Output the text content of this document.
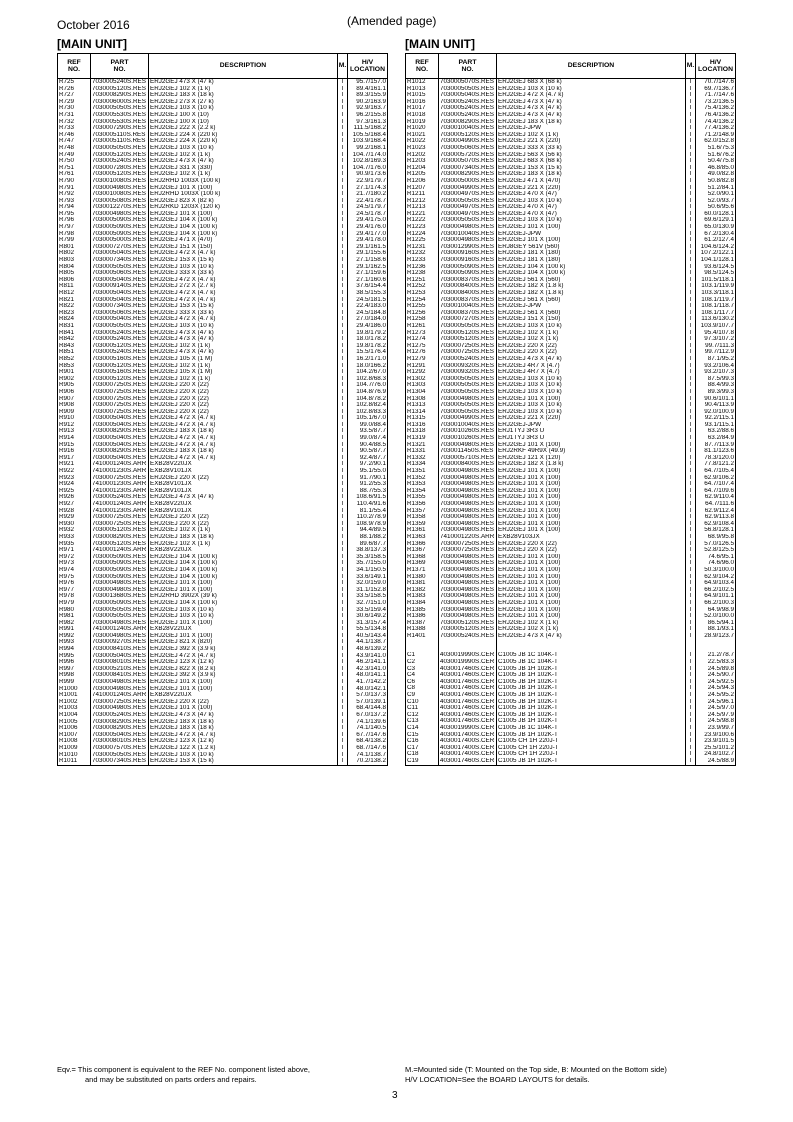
October 2016	(Amended page)
[MAIN UNIT]	[MAIN UNIT]
REF
NO.	PART
NO.	DESCRIPTION	M.	H/V
LOCATION
R725	7030005240S.RES	ERJ2GEJ 473 X (47 k)	T	95.7/157.0
R726	7030005120S.RES	ERJ2GEJ 102 X (1 k)	T	89.4/161.1
R727	7030008290S.RES	ERJ2GEJ 183 X (18 k)	T	89.3/155.9
R729	7030006000S.RES	ERJ2GEJ 273 X (27 k)	T	90.2/163.9
R730	7030005050S.RES	ERJ2GEJ 103 X (10 k)	T	92.9/163.7
R731	7030005530S.RES	ERJ2GEJ 100 X (10)	T	96.2/155.8
R732	7030005530S.RES	ERJ2GEJ 100 X (10)	T	97.3/161.3
R733	7030007290S.RES	ERJ2GEJ 222 X (2.2 k)	T	111.5/168.2
R746	7030005110S.RES	ERJ2GEJ 224 X (220 k)	T	105.5/168.4
R747	7030005110S.RES	ERJ2GEJ 224 X (220 k)	T	103.9/168.4
R748	7030005050S.RES	ERJ2GEJ 103 X (10 k)	T	99.2/168.1
R749	7030005120S.RES	ERJ2GEJ 102 X (1 k)	T	104.7/174.0
R750	7030005240S.RES	ERJ2GEJ 473 X (47 k)	T	102.8/169.3
R751	7030007280S.RES	ERJ2GEJ 331 X (330)	T	104.7/176.0
R761	7030005120S.RES	ERJ2GEJ 102 X (1 k)	T	90.9/173.6
R790	7030010080S.RES	ERJ2RHD 1003X (100 k)	T	22.9/179.7
R791	7030004980S.RES	ERJ2GEJ 101 X (100)	T	27.1/174.3
R792	7030010080S.RES	ERJ2RHD 1003X (100 k)	T	21.7/180.2
R793	7030005080S.RES	ERJ2GEJ 823 X (82 k)	T	22.4/178.7
R794	7030012270S.RES	ERJ2RKD 1203X (120 k)	T	24.5/179.7
R795	7030004980S.RES	ERJ2GEJ 101 X (100)	T	24.5/178.7
R796	7030005090S.RES	ERJ2GEJ 104 X (100 k)	T	29.4/175.0
R797	7030005090S.RES	ERJ2GEJ 104 X (100 k)	T	29.4/176.0
R798	7030005090S.RES	ERJ2GEJ 104 X (100 k)	T	29.4/177.0
R799	7030005000S.RES	ERJ2GEJ 471 X (470)	T	29.4/178.0
R801	7030007270S.RES	ERJ2GEJ 151 X (150)	T	29.1/161.5
R802	7030005040S.RES	ERJ2GEJ 472 X (4.7 k)	T	29.1/155.6
R803	7030007340S.RES	ERJ2GEJ 153 X (15 k)	T	27.1/158.6
R804	7030005050S.RES	ERJ2GEJ 103 X (10 k)	T	29.1/162.5
R805	7030005060S.RES	ERJ2GEJ 333 X (33 k)	T	27.1/159.6
R806	7030005040S.RES	ERJ2GEJ 472 X (4.7 k)	T	27.1/160.6
R811	7030009140S.RES	ERJ2GEJ 272 X (2.7 k)	T	37.6/154.4
R812	7030005040S.RES	ERJ2GEJ 472 X (4.7 k)	T	38.5/155.3
R821	7030005040S.RES	ERJ2GEJ 472 X (4.7 k)	T	24.5/181.5
R822	7030007340S.RES	ERJ2GEJ 153 X (15 k)	T	22.4/183.0
R823	7030005060S.RES	ERJ2GEJ 333 X (33 k)	T	24.5/184.8
R824	7030005040S.RES	ERJ2GEJ 472 X (4.7 k)	T	27.0/184.0
R831	7030005050S.RES	ERJ2GEJ 103 X (10 k)	T	29.4/186.0
R841	7030005240S.RES	ERJ2GEJ 473 X (47 k)	T	19.8/179.2
R842	7030005240S.RES	ERJ2GEJ 473 X (47 k)	T	18.0/178.2
R843	7030005120S.RES	ERJ2GEJ 102 X (1 k)	T	19.8/178.2
R851	7030005240S.RES	ERJ2GEJ 473 X (47 k)	T	15.5/176.4
R852	7030005160S.RES	ERJ2GEJ 105 X (1 M)	T	16.2/171.0
R853	7030005120S.RES	ERJ2GEJ 102 X (1 k)	T	18.0/166.2
R901	7030005160S.RES	ERJ2GEJ 105 X (1 M)	T	104.2/67.0
R902	7030005120S.RES	ERJ2GEJ 102 X (1 k)	T	102.8/68.3
R905	7030007250S.RES	ERJ2GEJ 220 X (22)	T	104.7/76.0
R906	7030007250S.RES	ERJ2GEJ 220 X (22)	T	104.8/76.9
R907	7030007250S.RES	ERJ2GEJ 220 X (22)	T	104.8/78.2
R908	7030007250S.RES	ERJ2GEJ 220 X (22)	T	102.8/82.4
R909	7030007250S.RES	ERJ2GEJ 220 X (22)	T	102.8/83.3
R910	7030005040S.RES	ERJ2GEJ 472 X (4.7 k)	T	105.1/67.0
R912	7030005040S.RES	ERJ2GEJ 472 X (4.7 k)	T	99.0/88.4
R913	7030008290S.RES	ERJ2GEJ 183 X (18 k)	T	93.5/87.7
R914	7030005040S.RES	ERJ2GEJ 472 X (4.7 k)	T	99.0/87.4
R915	7030005040S.RES	ERJ2GEJ 472 X (4.7 k)	T	90.4/88.5
R916	7030008290S.RES	ERJ2GEJ 183 X (18 k)	T	90.5/87.7
R917	7030005040S.RES	ERJ2GEJ 472 X (4.7 k)	T	92.4/87.7
R921	7410001240S.ARR	EXB28V220JX	T	97.2/90.1
R922	7410001230S.ARR	EXB28V101JX	T	95.1/55.0
R923	7030007250S.RES	ERJ2GEJ 220 X (22)	T	91.7/90.1
R924	7410001230S.ARR	EXB28V101JX	T	91.2/55.3
R925	7410001230S.ARR	EXB28V101JX	T	88.7/55.3
R926	7030005240S.RES	ERJ2GEJ 473 X (47 k)	T	108.6/91.5
R927	7410001240S.ARR	EXB28V220JX	T	110.4/91.6
R928	7410001230S.ARR	EXB28V101JX	T	81.1/55.4
R929	7030007250S.RES	ERJ2GEJ 220 X (22)	T	110.2/78.9
R930	7030007250S.RES	ERJ2GEJ 220 X (22)	T	108.9/78.9
R932	7030005120S.RES	ERJ2GEJ 102 X (1 k)	T	94.4/89.5
R933	7030008290S.RES	ERJ2GEJ 183 X (18 k)	T	88.1/88.2
R935	7030005120S.RES	ERJ2GEJ 102 X (1 k)	T	89.6/87.7
R971	7410001240S.ARR	EXB28V220JX	T	38.8/137.3
R972	7030005090S.RES	ERJ2GEJ 104 X (100 k)	T	35.3/158.5
R973	7030005090S.RES	ERJ2GEJ 104 X (100 k)	T	35.7/155.0
R974	7030005090S.RES	ERJ2GEJ 104 X (100 k)	T	34.1/150.5
R975	7030005090S.RES	ERJ2GEJ 104 X (100 k)	T	33.6/149.1
R976	7030004980S.RES	ERJ2GEJ 101 X (100)	T	32.0/159.0
R977	7030004980S.RES	ERJ2GEJ 101 X (100)	T	31.1/152.8
R978	7030013680S.RES	ERJ2RHD 3902X (39 k)	T	33.5/158.5
R979	7030005090S.RES	ERJ2GEJ 104 X (100 k)	T	32.7/151.0
R980	7030005050S.RES	ERJ2GEJ 103 X (10 k)	T	33.5/159.4
R981	7030005050S.RES	ERJ2GEJ 103 X (10 k)	T	30.6/149.2
R982	7030004980S.RES	ERJ2GEJ 101 X (100)	T	31.3/157.4
R991	7410001240S.ARR	EXB28V220JX	T	55.5/134.8
R992	7030004980S.RES	ERJ2GEJ 101 X (100)	T	40.5/143.4
R993	7030009270S.RES	ERJ2GEJ 821 X (820)	T	44.1/138.7
R994	7030008410S.RES	ERJ2GEJ 392 X (3.9 k)	T	48.6/139.2
R995	7030005040S.RES	ERJ2GEJ 472 X (4.7 k)	T	43.9/141.0
R996	7030008010S.RES	ERJ2GEJ 123 X (12 k)	T	46.2/141.1
R997	7030005210S.RES	ERJ2GEJ 822 X (8.2 k)	T	42.3/141.0
R998	7030008410S.RES	ERJ2GEJ 392 X (3.9 k)	T	48.0/141.1
R999	7030004980S.RES	ERJ2GEJ 101 X (100)	T	41.7/142.2
R1000	7030004980S.RES	ERJ2GEJ 101 X (100)	T	48.0/142.1
R1001	7410001240S.ARR	EXB28V220JX	T	57.0/137.3
R1002	7030007250S.RES	ERJ2GEJ 220 X (22)	T	57.0/139.1
R1003	7030004980S.RES	ERJ2GEJ 101 X (100)	T	68.4/144.8
R1004	7030005240S.RES	ERJ2GEJ 473 X (47 k)	T	67.0/137.2
R1005	7030008290S.RES	ERJ2GEJ 183 X (18 k)	T	74.1/139.6
R1006	7030008290S.RES	ERJ2GEJ 183 X (18 k)	T	74.1/140.5
R1007	7030005040S.RES	ERJ2GEJ 472 X (4.7 k)	T	67.7/147.6
R1008	7030008010S.RES	ERJ2GEJ 123 X (12 k)	T	68.4/138.2
R1009	7030007570S.RES	ERJ2GEJ 122 X (1.2 k)	T	68.7/147.6
R1010	7030005050S.RES	ERJ2GEJ 103 X (10 k)	T	74.1/138.7
R1011	7030007340S.RES	ERJ2GEJ 153 X (15 k)	T	70.2/138.2
REF
NO.	PART
NO.	DESCRIPTION	M.	H/V
LOCATION
R1012	7030005070S.RES	ERJ2GEJ 683 X (68 k)	T	70.7/147.6
R1013	7030005050S.RES	ERJ2GEJ 103 X (10 k)	T	69.7/136.7
R1015	7030005040S.RES	ERJ2GEJ 472 X (4.7 k)	T	71.7/147.6
R1016	7030005240S.RES	ERJ2GEJ 473 X (47 k)	T	73.2/136.5
R1017	7030005240S.RES	ERJ2GEJ 473 X (47 k)	T	75.4/136.2
R1018	7030005240S.RES	ERJ2GEJ 473 X (47 k)	T	76.4/136.2
R1019	7030008290S.RES	ERJ2GEJ 183 X (18 k)	T	74.4/136.2
R1020	7030010040S.RES	ERJ2GEJ-JPW	T	77.4/136.2
R1021	7030005120S.RES	ERJ2GEJ 102 X (1 k)	T	71.2/148.9
R1022	7030004990S.RES	ERJ2GEJ 221 X (220)	T	62.0/152.8
R1023	7030005060S.RES	ERJ2GEJ 333 X (33 k)	T	51.6/75.3
R1202	7030005720S.RES	ERJ2GEJ 563 X (56 k)	T	51.6/76.2
R1203	7030005070S.RES	ERJ2GEJ 683 X (68 k)	T	50.4/75.8
R1204	7030007340S.RES	ERJ2GEJ 153 X (15 k)	T	46.8/85.0
R1205	7030008290S.RES	ERJ2GEJ 183 X (18 k)	T	49.0/82.8
R1206	7030005000S.RES	ERJ2GEJ 471 X (470)	T	50.8/82.8
R1207	7030004990S.RES	ERJ2GEJ 221 X (220)	T	51.2/84.1
R1211	7030004970S.RES	ERJ2GEJ 470 X (47)	T	52.0/90.1
R1212	7030005050S.RES	ERJ2GEJ 103 X (10 k)	T	52.0/93.7
R1213	7030004970S.RES	ERJ2GEJ 470 X (47)	T	50.6/95.6
R1221	7030004970S.RES	ERJ2GEJ 470 X (47)	T	60.0/128.1
R1222	7030005050S.RES	ERJ2GEJ 103 X (10 k)	T	69.6/129.1
R1223	7030004980S.RES	ERJ2GEJ 101 X (100)	T	65.0/130.9
R1224	7030010040S.RES	ERJ2GEJ-JPW	T	67.2/130.4
R1225	7030004980S.RES	ERJ2GEJ 101 X (100)	T	61.2/127.4
R1231	7030012990S.RES	ERJ8GEY 561V (560)	T	104.6/124.2
R1232	7030009160S.RES	ERJ2GEJ 181 X (180)	T	107.2/122.1
R1233	7030009160S.RES	ERJ2GEJ 181 X (180)	T	104.1/128.1
R1236	7030005090S.RES	ERJ2GEJ 104 X (100 k)	T	93.6/124.5
R1238	7030005090S.RES	ERJ2GEJ 104 X (100 k)	T	98.5/124.5
R1251	7030008370S.RES	ERJ2GEJ 561 X (560)	T	101.5/118.1
R1252	7030008400S.RES	ERJ2GEJ 182 X (1.8 k)	T	103.1/119.9
R1253	7030008400S.RES	ERJ2GEJ 182 X (1.8 k)	T	103.3/118.1
R1254	7030008370S.RES	ERJ2GEJ 561 X (560)	T	108.1/119.7
R1255	7030010040S.RES	ERJ2GEJ-JPW	T	108.1/118.7
R1256	7030008370S.RES	ERJ2GEJ 561 X (560)	T	108.1/117.7
R1258	7030007270S.RES	ERJ2GEJ 151 X (150)	T	113.6/130.2
R1261	7030005050S.RES	ERJ2GEJ 103 X (10 k)	T	103.9/107.7
R1273	7030005120S.RES	ERJ2GEJ 102 X (1 k)	T	95.4/107.8
R1274	7030005120S.RES	ERJ2GEJ 102 X (1 k)	T	97.3/107.2
R1275	7030007250S.RES	ERJ2GEJ 220 X (22)	T	99.7/111.3
R1276	7030007250S.RES	ERJ2GEJ 220 X (22)	T	99.7/112.9
R1279	7030005240S.RES	ERJ2GEJ 473 X (47 k)	T	87.1/95.2
R1291	7030009320S.RES	ERJ2GEJ 4R7 X (4.7)	T	93.2/106.4
R1292	7030009320S.RES	ERJ2GEJ 4R7 X (4.7)	T	93.2/107.3
R1302	7030005050S.RES	ERJ2GEJ 103 X (10 k)	T	87.5/99.3
R1303	7030005050S.RES	ERJ2GEJ 103 X (10 k)	T	88.4/99.3
R1304	7030005050S.RES	ERJ2GEJ 103 X (10 k)	T	89.3/99.3
R1308	7030004980S.RES	ERJ2GEJ 101 X (100)	T	90.6/101.1
R1313	7030005050S.RES	ERJ2GEJ 103 X (10 k)	T	90.4/113.9
R1314	7030005050S.RES	ERJ2GEJ 103 X (10 k)	T	92.0/100.9
R1315	7030004990S.RES	ERJ2GEJ 221 X (220)	T	92.2/115.1
R1316	7030010040S.RES	ERJ2GEJ-JPW	T	93.1/115.1
R1318	7030010260S.RES	ERJ1TYJ 3R3 U	T	63.2/88.6
R1319	7030010260S.RES	ERJ1TYJ 3R3 U	T	63.2/84.9
R1321	7030004980S.RES	ERJ2GEJ 101 X (100)	T	87.7/113.9
R1331	7030011450S.RES	ERJ2RKF 49R9X (49.9)	T	81.1/123.6
R1332	7030005710S.RES	ERJ2GEJ 121 X (120)	T	78.3/120.0
R1334	7030008400S.RES	ERJ2GEJ 182 X (1.8 k)	T	77.8/121.2
R1351	7030004980S.RES	ERJ2GEJ 101 X (100)	T	64.7/105.4
R1352	7030004980S.RES	ERJ2GEJ 101 X (100)	T	62.9/106.2
R1353	7030004980S.RES	ERJ2GEJ 101 X (100)	T	64.7/107.4
R1354	7030004980S.RES	ERJ2GEJ 101 X (100)	T	64.7/109.6
R1355	7030004980S.RES	ERJ2GEJ 101 X (100)	T	62.9/110.4
R1356	7030004980S.RES	ERJ2GEJ 101 X (100)	T	64.7/111.6
R1357	7030004980S.RES	ERJ2GEJ 101 X (100)	T	62.9/112.4
R1358	7030004980S.RES	ERJ2GEJ 101 X (100)	T	62.9/113.8
R1359	7030004980S.RES	ERJ2GEJ 101 X (100)	T	62.9/108.4
R1361	7030004980S.RES	ERJ2GEJ 101 X (100)	T	56.8/128.1
R1363	7410001220S.ARR	EXB28V103JX	T	68.9/95.8
R1366	7030007250S.RES	ERJ2GEJ 220 X (22)	T	57.0/126.5
R1367	7030007250S.RES	ERJ2GEJ 220 X (22)	T	52.8/125.5
R1368	7030004980S.RES	ERJ2GEJ 101 X (100)	T	74.6/95.1
R1369	7030004980S.RES	ERJ2GEJ 101 X (100)	T	74.6/96.0
R1371	7030004980S.RES	ERJ2GEJ 101 X (100)	T	50.3/100.0
R1380	7030004980S.RES	ERJ2GEJ 101 X (100)	T	62.9/104.2
R1381	7030004980S.RES	ERJ2GEJ 101 X (100)	T	64.9/103.4
R1382	7030004980S.RES	ERJ2GEJ 101 X (100)	T	66.2/102.5
R1383	7030004980S.RES	ERJ2GEJ 101 X (100)	T	64.9/101.1
R1384	7030004980S.RES	ERJ2GEJ 101 X (100)	T	66.2/100.3
R1385	7030004980S.RES	ERJ2GEJ 101 X (100)	T	64.9/98.9
R1386	7030004980S.RES	ERJ2GEJ 101 X (100)	T	52.0/100.0
R1387	7030005120S.RES	ERJ2GEJ 102 X (1 k)	T	86.5/94.1
R1388	7030005120S.RES	ERJ2GEJ 102 X (1 k)	T	88.1/93.1
R1401	7030005240S.RES	ERJ2GEJ 473 X (47 k)	T	28.9/123.7

C1	4030019990S.CER	C1005 JB 1C 104K-T	T	21.2/78.7
C2	4030019990S.CER	C1005 JB 1C 104K-T	T	22.5/83.3
C3	4030017460S.CER	C1005 JB 1H 102K-T	T	24.5/89.8
C4	4030017460S.CER	C1005 JB 1H 102K-T	T	24.5/90.7
C6	4030017460S.CER	C1005 JB 1H 102K-T	T	24.5/92.5
C8	4030017460S.CER	C1005 JB 1H 102K-T	T	24.5/94.3
C9	4030017460S.CER	C1005 JB 1H 102K-T	T	24.5/95.2
C10	4030017460S.CER	C1005 JB 1H 102K-T	T	24.5/96.1
C11	4030017460S.CER	C1005 JB 1H 102K-T	T	24.5/97.0
C12	4030017460S.CER	C1005 JB 1H 102K-T	T	24.5/97.9
C13	4030017460S.CER	C1005 JB 1H 102K-T	T	24.5/98.8
C14	4030019990S.CER	C1005 JB 1C 104K-T	T	23.9/99.7
C15	4030017400S.CER	C1005 JB 1H 102K-T	T	23.9/100.6
C16	4030017400S.CER	C1005 CH 1H 220J-T	T	23.9/101.5
C17	4030017400S.CER	C1005 CH 1H 220J-T	T	25.5/101.2
C18	4030017400S.CER	C1005 CH 1H 220J-T	T	24.8/102.7
C19	4030017460S.CER	C1005 JB 1H 102K-T	T	24.5/88.9
Eqv.= This component is equivalent to the REF No. component listed above,
and may be substituted on parts orders and repairs.
M.=Mounted side (T: Mounted on the Top side, B: Mounted on the Bottom side)
H/V LOCATION=See the BOARD LAYOUTS for details.
3
